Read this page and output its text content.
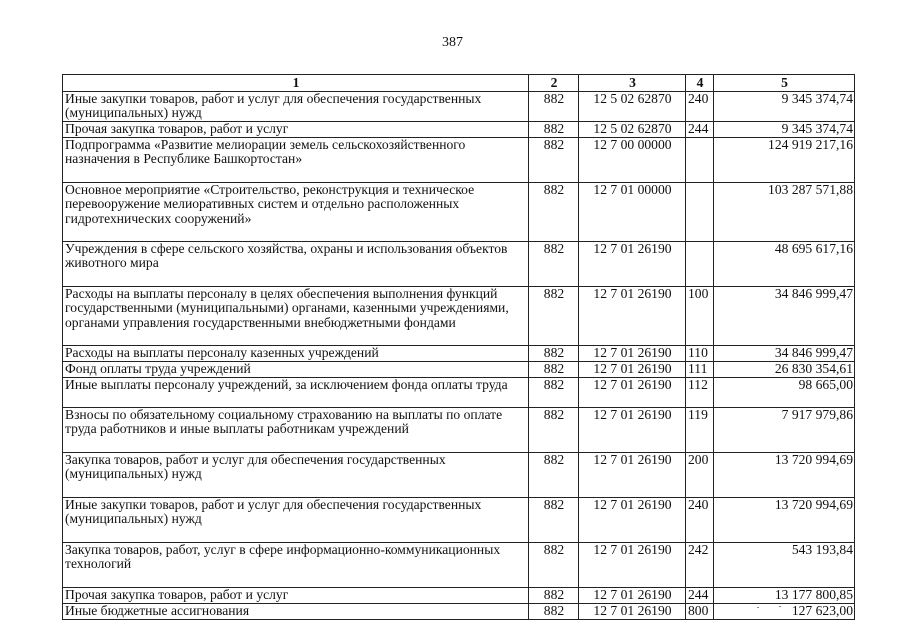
387
1	2	3	4	5
Иные закупки товаров, работ и услуг для обеспечения государственных (муниципальных) нужд	882	12 5 02 62870	240	9 345 374,74
Прочая закупка товаров, работ и услуг	882	12 5 02 62870	244	9 345 374,74
Подпрограмма «Развитие мелиорации земель сельскохозяйственного назначения в Республике Башкортостан»	882	12 7 00 00000		124 919 217,16
Основное мероприятие «Строительство, реконструкция и техническое перевооружение мелиоративных систем и отдельно расположенных гидротехнических сооружений»	882	12 7 01 00000		103 287 571,88
Учреждения в сфере сельского хозяйства, охраны и использования объектов животного мира	882	12 7 01 26190		48 695 617,16
Расходы на выплаты персоналу в целях обеспечения выполнения функций государственными (муниципальными) органами, казенными учреждениями, органами управления государственными внебюджетными фондами	882	12 7 01 26190	100	34 846 999,47
Расходы на выплаты персоналу казенных учреждений	882	12 7 01 26190	110	34 846 999,47
Фонд оплаты труда учреждений	882	12 7 01 26190	111	26 830 354,61
Иные выплаты персоналу учреждений, за исключением фонда оплаты труда	882	12 7 01 26190	112	98 665,00
Взносы по обязательному социальному страхованию на выплаты по оплате труда работников и иные выплаты работникам учреждений	882	12 7 01 26190	119	7 917 979,86
Закупка товаров, работ и услуг для обеспечения государственных (муниципальных) нужд	882	12 7 01 26190	200	13 720 994,69
Иные закупки товаров, работ и услуг для обеспечения государственных (муниципальных) нужд	882	12 7 01 26190	240	13 720 994,69
Закупка товаров, работ, услуг в сфере информационно-коммуникационных технологий	882	12 7 01 26190	242	543 193,84
Прочая закупка товаров, работ и услуг	882	12 7 01 26190	244	13 177 800,85
Иные бюджетные ассигнования	882	12 7 01 26190	800	127 623,00
